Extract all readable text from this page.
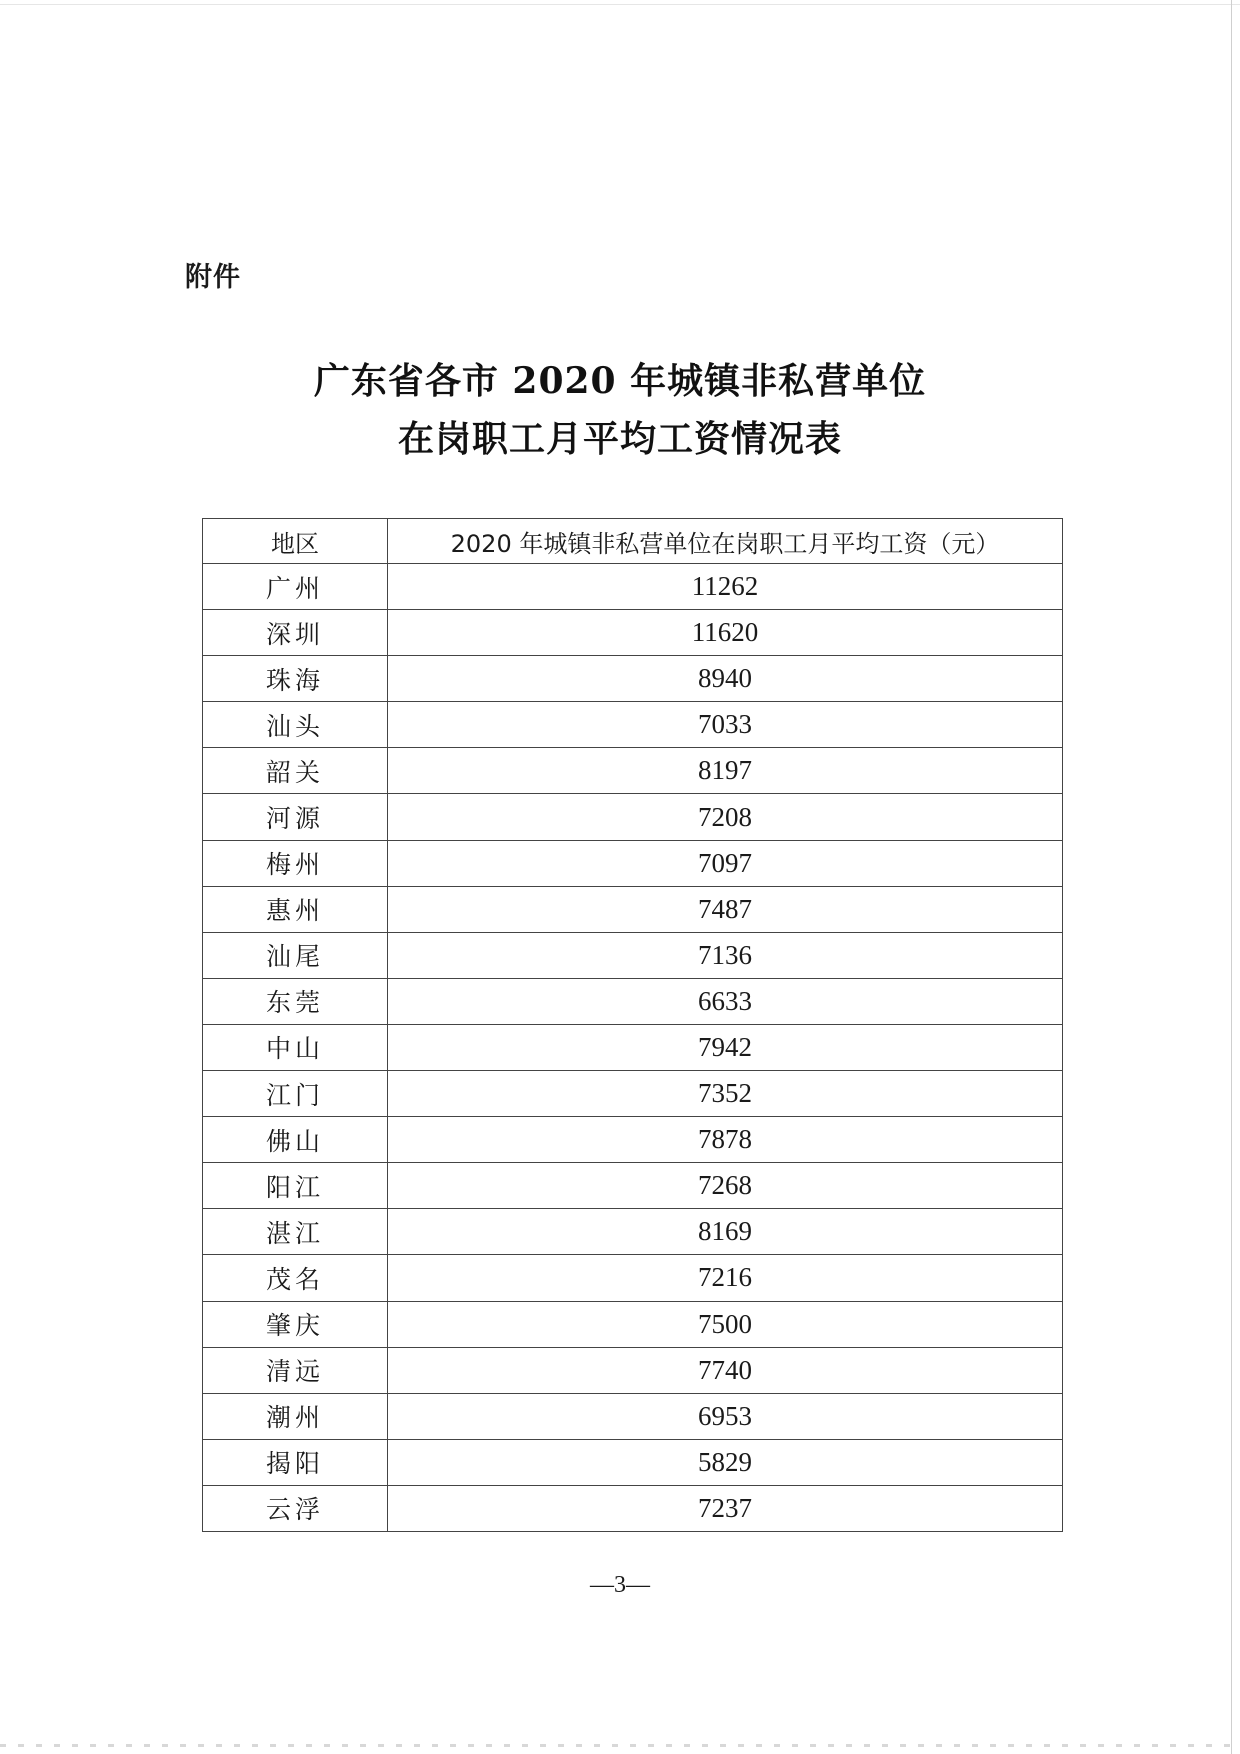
附件
广东省各市 2020 年城镇非私营单位
在岗职工月平均工资情况表
地区	2020 年城镇非私营单位在岗职工月平均工资（元）
广州	11262
深圳	11620
珠海	8940
汕头	7033
韶关	8197
河源	7208
梅州	7097
惠州	7487
汕尾	7136
东莞	6633
中山	7942
江门	7352
佛山	7878
阳江	7268
湛江	8169
茂名	7216
肇庆	7500
清远	7740
潮州	6953
揭阳	5829
云浮	7237
—3—
